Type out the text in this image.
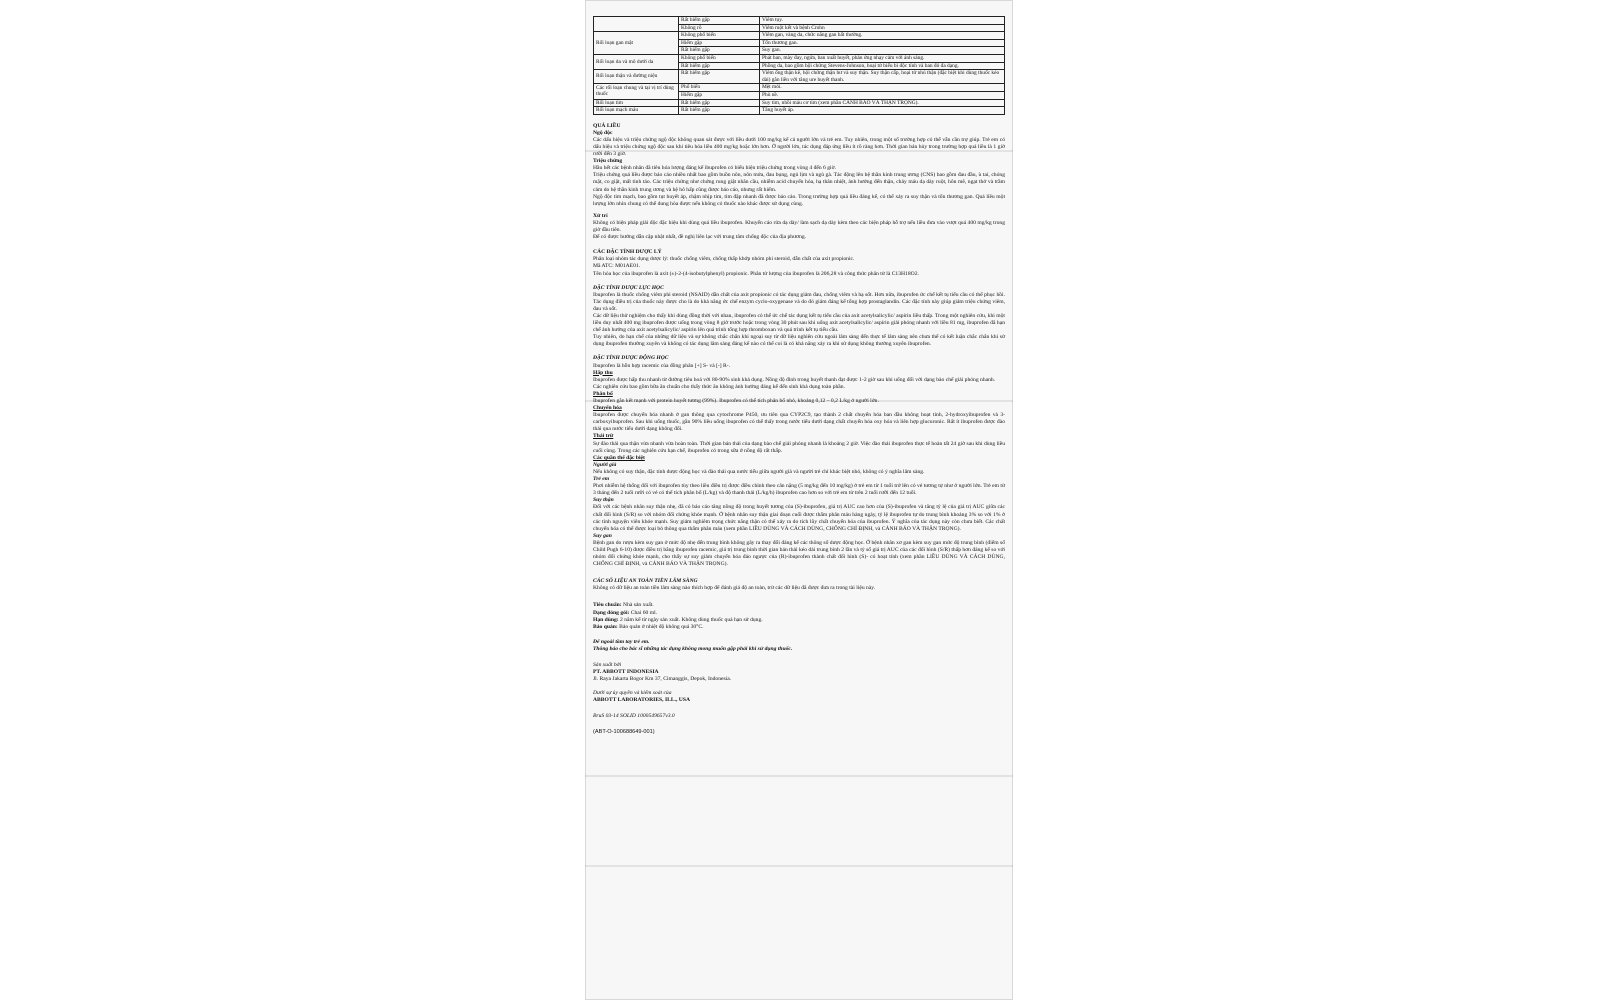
	Rất hiếm gặp	Viêm tụy.
	Không rõ	Viêm ruột kết và bệnh Crohn
Rối loạn gan mật	Không phổ biến	Viêm gan, vàng da, chức năng gan bất thường.
	Hiếm gặp	Tổn thương gan.
	Rất hiếm gặp	Suy gan.
Rối loạn da và mô dưới da	Không phổ biến	Phát ban, mày đay, ngứa, ban xuất huyết, phản ứng nhạy cảm với ánh sáng.
	Rất hiếm gặp	Phồng da, bao gồm hội chứng Stevens-Johnson, hoại tử biểu bì độc tính và ban đỏ đa dạng.
Rối loạn thận và đường niệu	Rất hiếm gặp	Viêm ống thận kẽ, hội chứng thận hư và suy thận. Suy thận cấp, hoại tử nhú thận (đặc biệt khi dùng thuốc kéo dài) gắn liền với tăng ure huyết thanh.
Các rối loạn chung và tại vị trí dùng thuốc	Phổ biến	Mệt mỏi.
	Hiếm gặp	Phù nề.
Rối loạn tim	Rất hiếm gặp	Suy tim, nhồi máu cơ tim (xem phần CẢNH BÁO VÀ THẬN TRỌNG).
Rối loạn mạch máu	Rất hiếm gặp	Tăng huyết áp.
QUÁ LIỀU
Ngộ độc

Các dấu hiệu và triệu chứng ngộ độc không quan sát được với liều dưới 100 mg/kg kể cả người lớn và trẻ em. Tuy nhiên, trong một số trường hợp có thể vẫn cần trợ giúp. Trẻ em có dấu hiệu và triệu chứng ngộ độc sau khi tiêu hóa liều 400 mg/kg hoặc lớn hơn. Ở người lớn, tác dụng đáp ứng liều ít rõ ràng hơn. Thời gian bán hủy trong trường hợp quá liều là 1 giờ rưỡi đến 3 giờ.

Triệu chứng

Hầu hết các bệnh nhân đã tiêu hóa lượng đáng kể ibuprofen có biểu hiện triệu chứng trong vòng 4 đến 6 giờ.

Triệu chứng quá liều được báo cáo nhiều nhất bao gồm buồn nôn, nôn mửa, đau bụng, ngủ lịm và ngủ gà. Tác động lên hệ thần kinh trung ương (CNS) bao gồm đau đầu, ù tai, chóng mặt, co giật, mất tinh táo. Các triệu chứng như chứng rung giật nhãn cầu, nhiễm acid chuyển hóa, hạ thân nhiệt, ảnh hưởng đến thận, chảy máu dạ dày ruột, hôn mê, ngạt thở và trầm cảm do hệ thần kinh trung ương và hệ hô hấp cũng được báo cáo, nhưng rất hiếm.

Ngộ độc tim mạch, bao gồm tụt huyết áp, chậm nhịp tim, tim đập nhanh đã được báo cáo. Trong trường hợp quá liều đáng kể, có thể xảy ra suy thận và tổn thương gan. Quá liều một lượng lớn nhìn chung có thể dung hòa được nếu không có thuốc nào khác được sử dụng cùng.

Xử trí

Không có biện pháp giải độc đặc hiệu khi dùng quá liều ibuprofen. Khuyến cáo rửa dạ dày/ làm sạch dạ dày kèm theo các biện pháp hỗ trợ nếu liều đưa vào vượt quá 400 mg/kg trong giờ đầu tiên.

Để có được hướng dẫn cập nhật nhất, đề nghị liên lạc với trung tâm chống độc của địa phương.

CÁC ĐẶC TÍNH DƯỢC LÝ

Phân loại nhóm tác dụng dược lý: thuốc chống viêm, chống thấp khớp nhóm phi steroid, dẫn chất của axit propionic.

Mã ATC: M01AE01.

Tên hóa học của ibuprofen là axit (±)-2-(4-isobutylphenyl) propionic. Phân tử lượng của ibuprofen là 206,28 và công thức phân tử là C13H18O2.

ĐẶC TÍNH DƯỢC LỰC HỌC

Ibuprofen là thuốc chống viêm phi steroid (NSAID) dẫn chất của axit propionic có tác dụng giảm đau, chống viêm và hạ sốt. Hơn nữa, ibuprofen ức chế kết tụ tiểu cầu có thể phục hồi. Tác dụng điều trị của thuốc này được cho là do khả năng ức chế enzym cyclo-oxygenase và do đó giảm đáng kể tổng hợp prostaglandin. Các đặc tính này giúp giảm triệu chứng viêm, đau và sốt.

Các dữ liệu thử nghiệm cho thấy khi dùng đồng thời với nhau, ibuprofen có thể ức chế tác dụng kết tụ tiểu cầu của axit acetylsalicylic/ aspirin liều thấp. Trong một nghiên cứu, khi một liều duy nhất 400 mg ibuprofen được uống trong vòng 8 giờ trước hoặc trong vòng 30 phút sau khi uống axit acetylsalicylic/ aspirin giải phóng nhanh với liều 81 mg, ibuprofen đã hạn chế ảnh hưởng của axit acetylsalicylic/ aspirin lên quá trình tổng hợp thromboxan và quá trình kết tụ tiểu cầu.

Tuy nhiên, do hạn chế của những dữ liệu và sự không chắc chắn khi ngoại suy từ dữ liệu nghiên cứu ngoài lâm sàng đến thực tế lâm sàng nên chưa thể có kết luận chắc chắn khi sử dụng ibuprofen thường xuyên và không có tác dụng lâm sàng đáng kể nào có thể coi là có khả năng xảy ra khi sử dụng không thường xuyên ibuprofen.

ĐẶC TÍNH DƯỢC ĐỘNG HỌC

Ibuprofen là hỗn hợp racemic của đồng phân [+] S- và [-] R-.

Hấp thu

Ibuprofen được hấp thu nhanh từ đường tiêu hoá với 80-90% sinh khả dụng. Nồng độ đỉnh trong huyết thanh đạt được 1-2 giờ sau khi uống đối với dạng bào chế giải phóng nhanh.

Các nghiên cứu bao gồm bữa ăn chuẩn cho thấy thức ăn không ảnh hưởng đáng kể đến sinh khả dụng toàn phần.

Phân bố

Ibuprofen gắn kết mạnh với protein huyết tương (99%). Ibuprofen có thể tích phân bố nhỏ, khoảng 0,12 – 0,2 L/kg ở người lớn.

Chuyển hóa

Ibuprofen được chuyển hóa nhanh ở gan thông qua cytochrome P450, ưu tiên qua CYP2C9, tạo thành 2 chất chuyển hóa ban đầu không hoạt tính, 2-hydroxyibuprofen và 3-carboxyibuprofen. Sau khi uống thuốc, gần 90% liều uống ibuprofen có thể thấy trong nước tiểu dưới dạng chất chuyển hóa oxy hóa và liên hợp glucuronic. Rất ít ibuprofen được đào thải qua nước tiểu dưới dạng không đổi.

Thải trừ

Sự đào thải qua thận vừa nhanh vừa hoàn toàn. Thời gian bán thải của dạng bào chế giải phóng nhanh là khoảng 2 giờ. Việc đào thải ibuprofen thực tế hoàn tất 24 giờ sau khi dùng liều cuối cùng. Trong các nghiên cứu hạn chế, ibuprofen có trong sữa ở nồng độ rất thấp.

Các quần thể đặc biệt
Người già

Nếu không có suy thận, đặc tính dược động học và đào thải qua nước tiểu giữa người già và người trẻ chỉ khác biệt nhỏ, không có ý nghĩa lâm sàng.

Trẻ em

Phơi nhiễm hệ thống đối với ibuprofen tùy theo liều điều trị được điều chỉnh theo cân nặng (5 mg/kg đến 10 mg/kg) ở trẻ em từ 1 tuổi trở lên có vẻ tương tự như ở người lớn. Trẻ em từ 3 tháng đến 2 tuổi rưỡi có vẻ có thể tích phân bố (L/kg) và độ thanh thải (L/kg/h) ibuprofen cao hơn so với trẻ em từ trên 2 tuổi rưỡi đến 12 tuổi.

Suy thận

Đối với các bệnh nhân suy thận nhẹ, đã có báo cáo tăng nồng độ trong huyết tương của (S)-ibuprofen, giá trị AUC cao hơn của (S)-ibuprofen và tăng tỷ lệ của giá trị AUC giữa các chất đối hình (S/R) so với nhóm đối chứng khỏe mạnh. Ở bệnh nhân suy thận giai đoạn cuối được thẩm phân máu hàng ngày, tỷ lệ ibuprofen tự do trung bình khoảng 3% so với 1% ở các tình nguyện viên khỏe mạnh. Suy giảm nghiêm trọng chức năng thận có thể xảy ra do tích lũy chất chuyển hóa của ibuprofen. Ý nghĩa của tác dụng này còn chưa biết. Các chất chuyển hóa có thể được loại bỏ thông qua thẩm phân máu (xem phần LIỀU DÙNG VÀ CÁCH DÙNG, CHỐNG CHỈ ĐỊNH, và CẢNH BÁO VÀ THẬN TRỌNG).

Suy gan

Bệnh gan do rượu kèm suy gan ở mức độ nhẹ đến trung bình không gây ra thay đổi đáng kể các thông số dược động học. Ở bệnh nhân xơ gan kèm suy gan mức độ trung bình (điểm số Child Pugh 6-10) được điều trị bằng ibuprofen racemic, giá trị trung bình thời gian bán thải kéo dài trung bình 2 lần và tỷ số giá trị AUC của các đối hình (S/R) thấp hơn đáng kể so với nhóm đối chứng khỏe mạnh, cho thấy sự suy giảm chuyển hóa đảo ngược của (R)-ibuprofen thành chất đối hình (S)- có hoạt tính (xem phần LIỀU DÙNG VÀ CÁCH DÙNG, CHỐNG CHỈ ĐỊNH, và CẢNH BÁO VÀ THẬN TRỌNG).

CÁC SỐ LIỆU AN TOÀN TIỀN LÂM SÀNG

Không có dữ liệu an toàn tiền lâm sàng nào thích hợp để đánh giá độ an toàn, trừ các dữ liệu đã được đưa ra trong tài liệu này.

Tiêu chuẩn: Nhà sản xuất.

Dạng đóng gói: Chai 60 ml.

Hạn dùng: 2 năm kể từ ngày sản xuất. Không dùng thuốc quá hạn sử dụng.

Bảo quản: Bảo quản ở nhiệt độ không quá 30°C.

Để ngoài tầm tay trẻ em.
Thông báo cho bác sĩ những tác dụng không mong muốn gặp phải khi sử dụng thuốc.
Sản xuất bởi
PT. ABBOTT INDONESIA
Jl. Raya Jakarta Bogor Km 37, Cimanggis, Depok, Indonesia.
Dưới sự ủy quyền và kiểm soát của
ABBOTT LABORATORIES, ILL., USA
BruS 03-14 SOLID 1000549657v3.0
(ABT-O-100688649-001)
